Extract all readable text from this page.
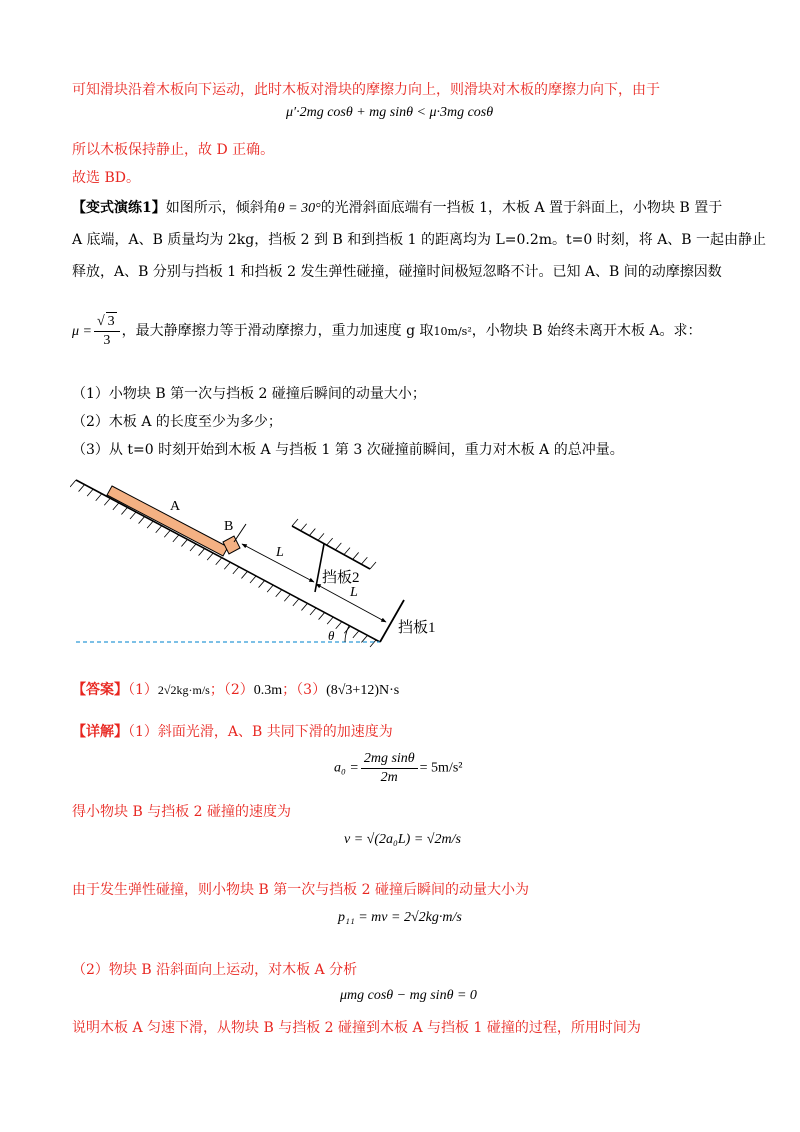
可知滑块沿着木板向下运动，此时木板对滑块的摩擦力向上，则滑块对木板的摩擦力向下，由于
μ′·2mg cosθ + mg sinθ < μ·3mg cosθ
所以木板保持静止，故 D 正确。
故选 BD。
【变式演练1】如图所示，倾斜角θ = 30°的光滑斜面底端有一挡板 1，木板 A 置于斜面上，小物块 B 置于
A 底端，A、B 质量均为 2kg，挡板 2 到 B 和到挡板 1 的距离均为 L=0.2m。t=0 时刻，将 A、B 一起由静止
释放，A、B 分别与挡板 1 和挡板 2 发生弹性碰撞，碰撞时间极短忽略不计。已知 A、B 间的动摩擦因数
$\mu = \frac{√ 3}{3}$ ，最大静摩擦力等于滑动摩擦力，重力加速度 g 取10m/s²，小物块 B 始终未离开木板 A。求：
（1）小物块 B 第一次与挡板 2 碰撞后瞬间的动量大小；
（2）木板 A 的长度至少为多少；
（3）从 t=0 时刻开始到木板 A 与挡板 1 第 3 次碰撞前瞬间，重力对木板 A 的总冲量。
A
B
L
L
挡板2
挡板1
θ
【答案】（1）2√2kg·m/s；（2）0.3m；（3）(8√3+12)N·s
【详解】（1）斜面光滑，A、B 共同下滑的加速度为
$a_0 = \frac{\text{2mg sinθ}}{2m} = 5m/s^2$
得小物块 B 与挡板 2 碰撞的速度为
v = √(2a₀L) = √2m/s
由于发生弹性碰撞，则小物块 B 第一次与挡板 2 碰撞后瞬间的动量大小为
p₁₁ = mv = 2√2kg·m/s
（2）物块 B 沿斜面向上运动，对木板 A 分析
μmg cosθ − mg sinθ = 0
说明木板 A 匀速下滑，从物块 B 与挡板 2 碰撞到木板 A 与挡板 1 碰撞的过程，所用时间为
